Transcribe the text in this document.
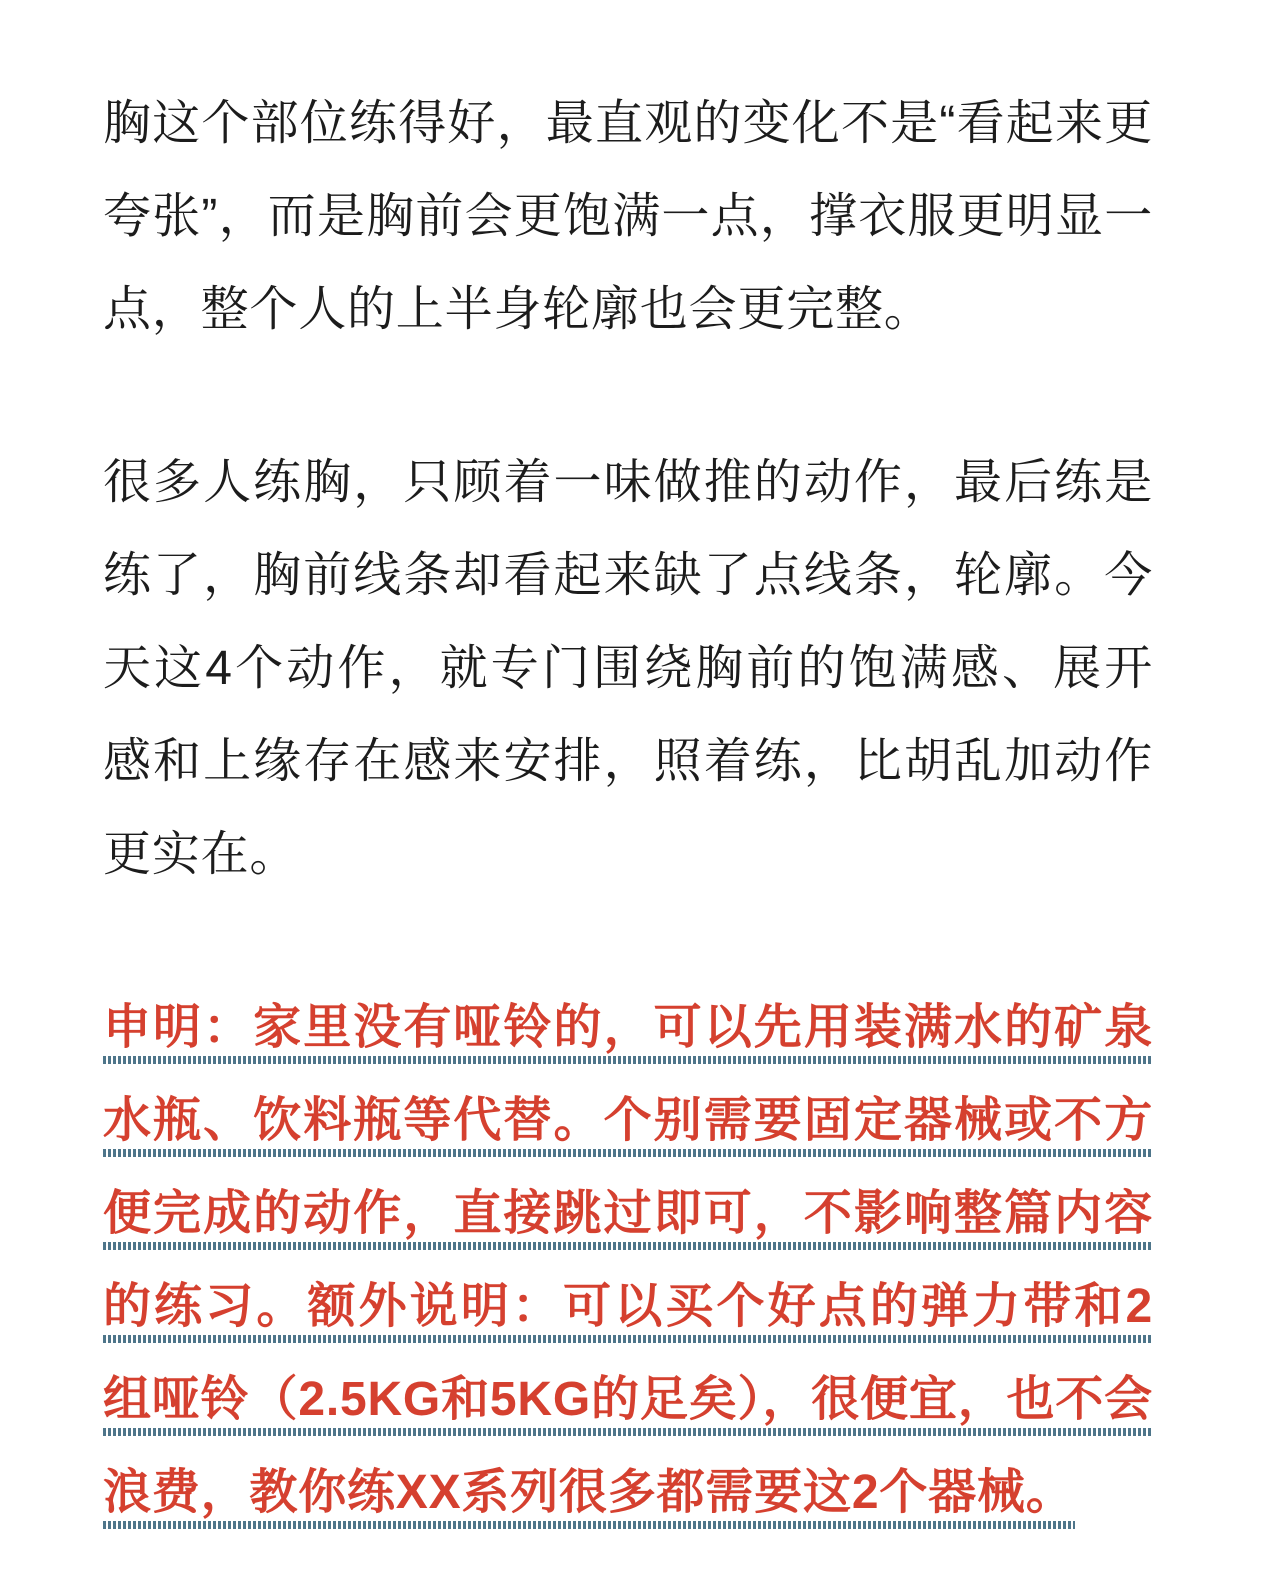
胸这个部位练得好，最直观的变化不是“看起来更夸张”，而是胸前会更饱满一点，撑衣服更明显一点，整个人的上半身轮廓也会更完整。

很多人练胸，只顾着一味做推的动作，最后练是练了，胸前线条却看起来缺了点线条，轮廓。今天这4个动作，就专门围绕胸前的饱满感、展开感和上缘存在感来安排，照着练，比胡乱加动作更实在。

申明：家里没有哑铃的，可以先用装满水的矿泉水瓶、饮料瓶等代替。个别需要固定器械或不方便完成的动作，直接跳过即可，不影响整篇内容的练习。额外说明：可以买个好点的弹力带和2组哑铃（2.5KG和5KG的足矣），很便宜，也不会浪费，教你练XX系列很多都需要这2个器械。
